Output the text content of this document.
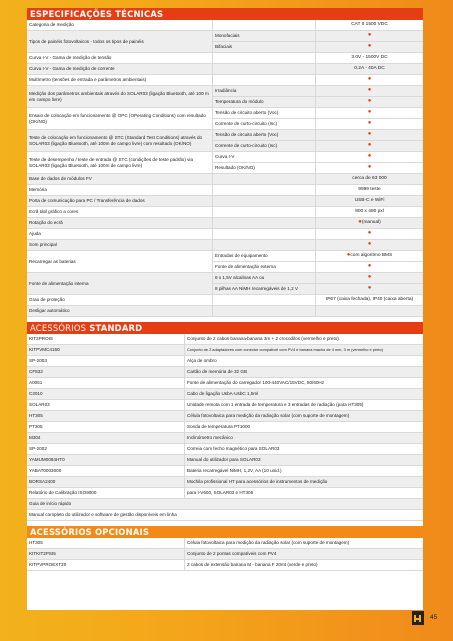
ESPECIFICAÇÕES TÉCNICAS
Categoria de medição	CAT II 1500 VDC
Tipos de painéis fotovoltaicos - todos os tipos de painéis
Monofaciais	●
Bifaciais	●
Curva I-V - Gama de medição de tensão	3.0V - 1500V DC
Curva I-V - Gama de medição de corrente	0.2A - 40A DC
Multímetro (tensões de entrada e parâmetros ambientais)	●
Medição dos parâmetros ambientais através do SOLAR03 (ligação Bluetooth, até 100 m em campo livre)
Irradiância	●
Temperatura do módulo	●
Ensaio de colocação em funcionamento @ OPC (OPerating Conditions) com resultado (OK/NO)
Tensão de circuito aberto (Voc)	●
Corrente de curto-circuito (Isc)	●
Teste de colocação em funcionamento @ STC (Standard Test Conditions) através do SOLAR03 (ligação Bluetooth, até 100m de campo livre) com resultado (OK/NO)
Tensão de circuito aberto (Voc)	●
Corrente de curto-circuito (Isc)	●
Teste de desempenho / teste de entrada @ STC (condições de teste padrão) via SOLAR03 (ligação Bluetooth, até 100m de campo livre)
Curva I-V	●
Resultado (OK/NO)	●
Base de dados de módulos FV	cerca de 63 000
Memória	9999 teste
Porta de comunicação para PC / Transferência de dados	USB-C e WiFi
Ecrã tátil gráfico a cores	800 x 480 pxl
Rotação do ecrã	● (manual)
Ajuda	●
Som principal	●
Recarregar as baterias
Entradas de equipamento	● com algoritmo BMS
Fonte de alimentação externa	●
Fonte de alimentação interna
8 x 1,5V alcalinas AA ou	●
8 pilhas AA NiMH recarregáveis de 1,2 V	●
Grau de proteção	IP67 (caixa fechada), IP40 (caixa aberta)
Desligar automático
ACESSÓRIOS
STANDARD
KIT2PROIS	Conjunto de 2 cabos banana-banana 3m + 2 crocodilos (vermelho e preto)
KITPVMC4150	Conjunto de 2 adaptadores com conector compatível com PV4 e banana macho de 4 mm, 3 m (vermelho e preto)
SP-2003	Alça de ombro
CF832	Cartão de memória de 32 GB
A0061	Fonte de alimentação do carregador 100-440VAC/15VDC, 50/60Hz
C2010	Cabo de ligação UsbA-UsbC 1,5ml
SOLAR03	Unidade remota com 1 entrada de temperatura e 3 entradas de radiação (para HT305)
HT305	Célula fotovoltaica para medição da radiação solar (com suporte de montagem)
PT305	Sonda de temperatura PT1000
M304	Inclinómetro mecânico
SP-2002	Correia com fecho magnético para SOLAR03
YAMUM0084HT0	Manual do utilizador para SOLAR03
YABAT0003000	Bateria recarregável NiMH, 1,2V, AA (10 unid.)
BORSA2400	Mochila profissional HT para acessórios de instrumentos de medição
Relatório de Calibração ISO9000	para I-V600, SOLAR03 e HT305
Guia de início rápido
Manual completo do utilizador e software de gestão disponíveis em linha
ACESSÓRIOS OPCIONAIS
HT305	Célula fotovoltaica para medição da radiação solar (com suporte de montagem)
KITKIT2PSI5	Conjunto de 2 pontas compatíveis com PV4
KITPVPROEXT20	2 cabos de extensão banana M - banana F 20mt (verde e preto)
45
